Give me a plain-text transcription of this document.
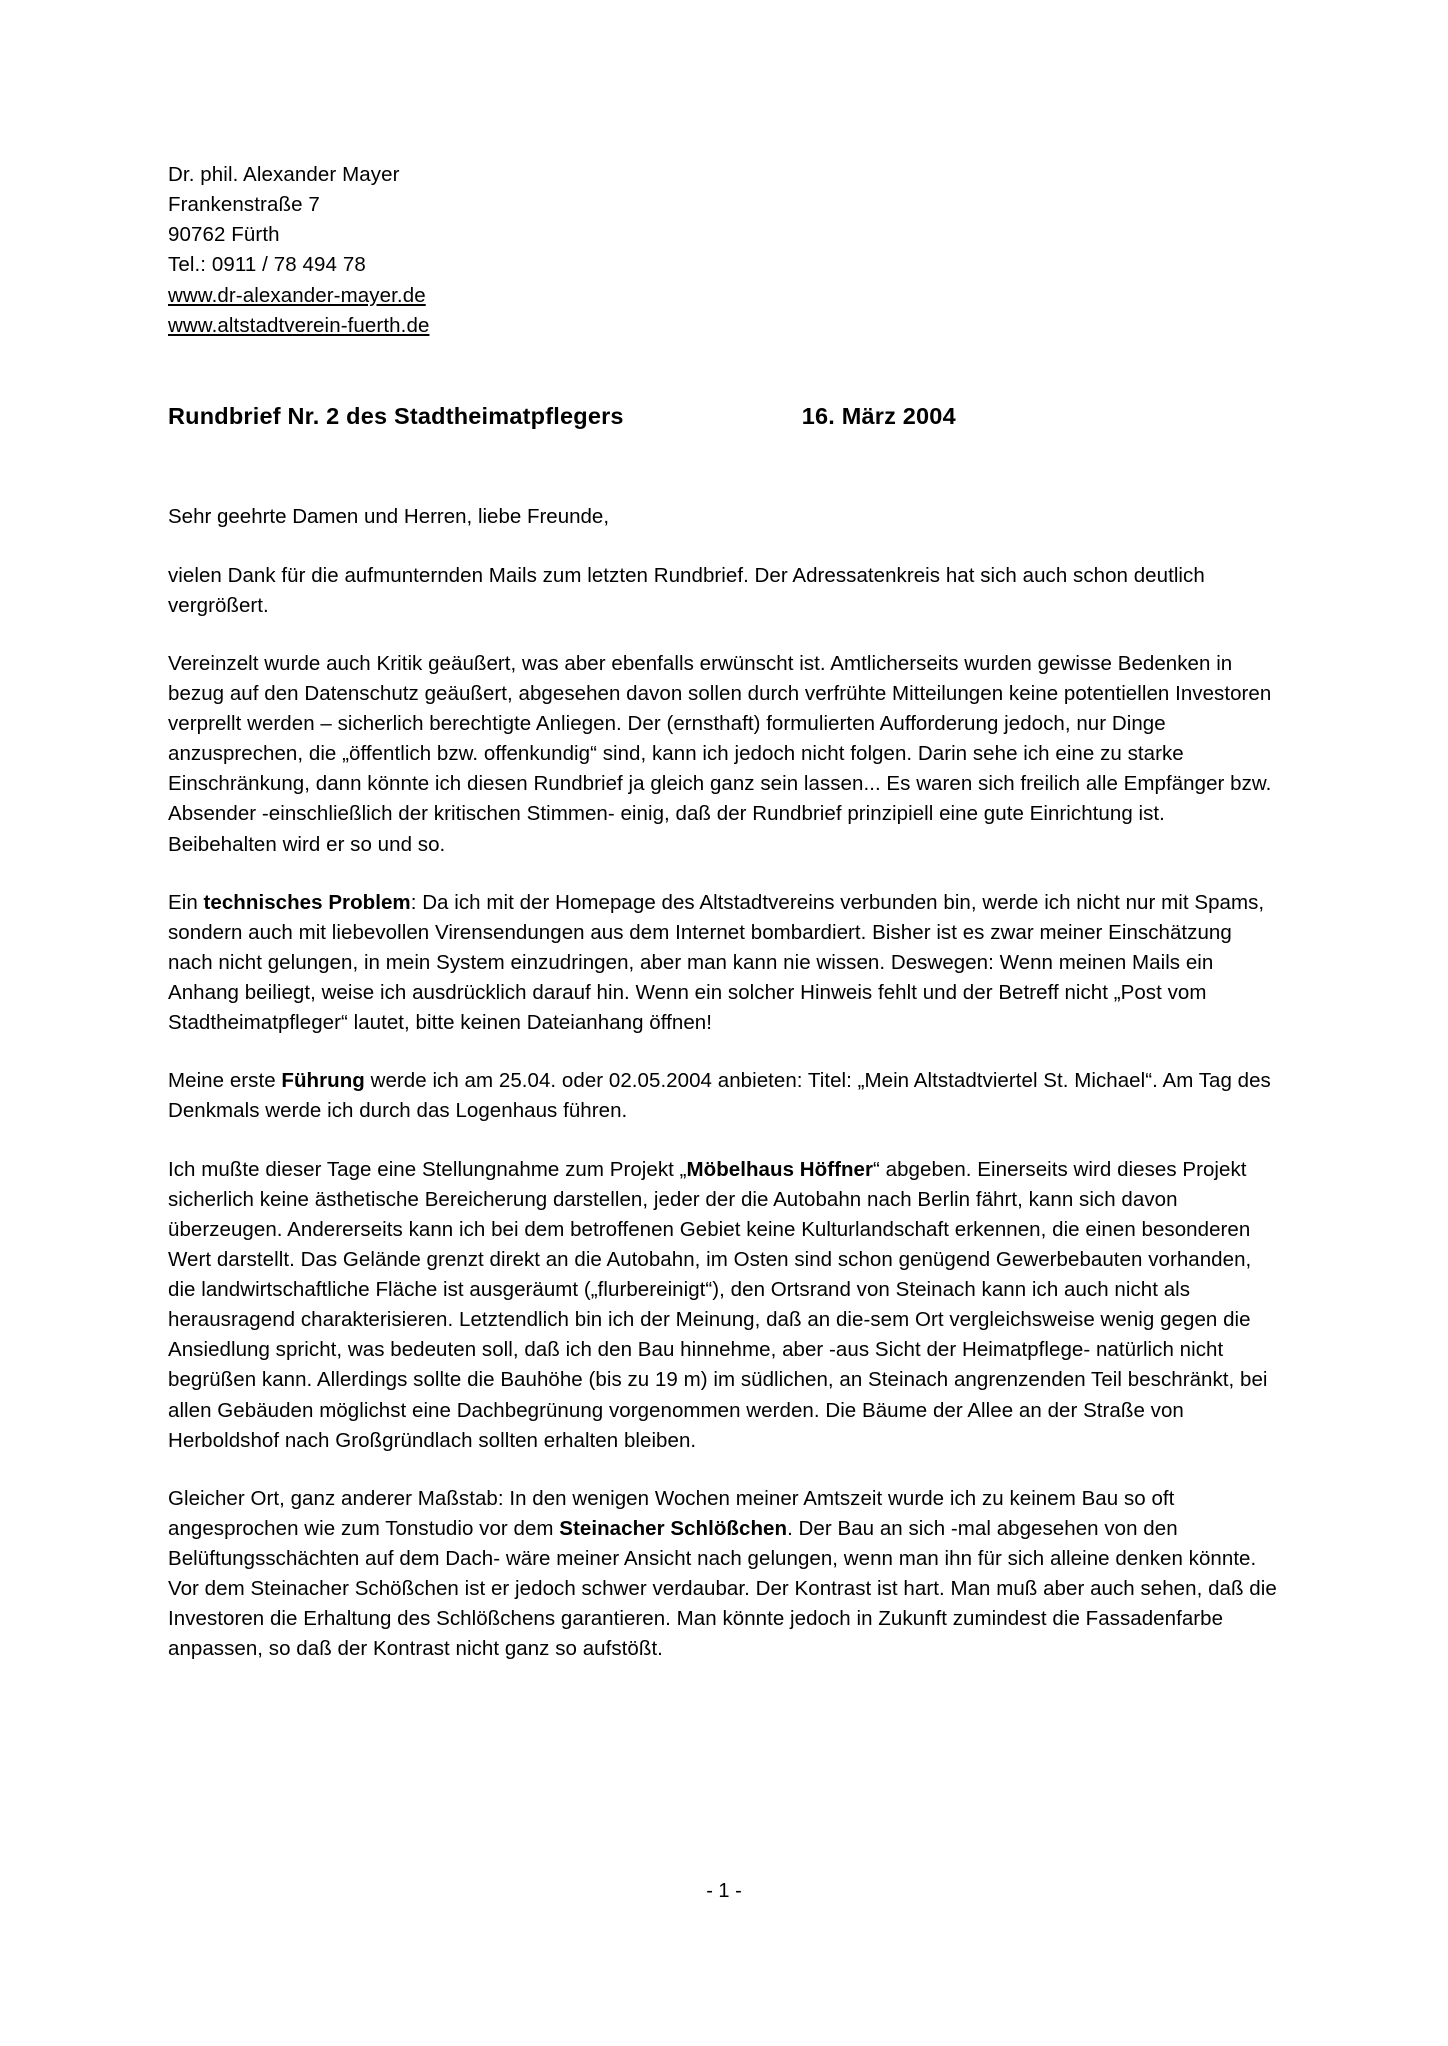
Dr. phil. Alexander Mayer
Frankenstraße 7
90762 Fürth
Tel.: 0911 / 78 494 78
www.dr-alexander-mayer.de
www.altstadtverein-fuerth.de
Rundbrief Nr. 2 des Stadtheimatpflegers	16. März 2004
Sehr geehrte Damen und Herren, liebe Freunde,

vielen Dank für die aufmunternden Mails zum letzten Rundbrief. Der Adressatenkreis hat sich auch schon deutlich vergrößert.

Vereinzelt wurde auch Kritik geäußert, was aber ebenfalls erwünscht ist. Amtlicherseits wurden gewisse Bedenken in bezug auf den Datenschutz geäußert, abgesehen davon sollen durch verfrühte Mitteilungen keine potentiellen Investoren verprellt werden – sicherlich berechtigte Anliegen. Der (ernsthaft) formulierten Aufforderung jedoch, nur Dinge anzusprechen, die „öffentlich bzw. offenkundig“ sind, kann ich jedoch nicht folgen. Darin sehe ich eine zu starke Einschränkung, dann könnte ich diesen Rundbrief ja gleich ganz sein lassen... Es waren sich freilich alle Empfänger bzw. Absender -einschließlich der kritischen Stimmen- einig, daß der Rundbrief prinzipiell eine gute Einrichtung ist. Beibehalten wird er so und so.

Ein technisches Problem: Da ich mit der Homepage des Altstadtvereins verbunden bin, werde ich nicht nur mit Spams, sondern auch mit liebevollen Virensendungen aus dem Internet bombardiert. Bisher ist es zwar meiner Einschätzung nach nicht gelungen, in mein System einzudringen, aber man kann nie wissen. Deswegen: Wenn meinen Mails ein Anhang beiliegt, weise ich ausdrücklich darauf hin. Wenn ein solcher Hinweis fehlt und der Betreff nicht „Post vom Stadtheimatpfleger“ lautet, bitte keinen Dateianhang öffnen!

Meine erste Führung werde ich am 25.04. oder 02.05.2004 anbieten: Titel: „Mein Altstadtviertel St. Michael“. Am Tag des Denkmals werde ich durch das Logenhaus führen.

Ich mußte dieser Tage eine Stellungnahme zum Projekt „Möbelhaus Höffner“ abgeben. Einerseits wird dieses Projekt sicherlich keine ästhetische Bereicherung darstellen, jeder der die Autobahn nach Berlin fährt, kann sich davon überzeugen. Andererseits kann ich bei dem betroffenen Gebiet keine Kulturlandschaft erkennen, die einen besonderen Wert darstellt. Das Gelände grenzt direkt an die Autobahn, im Osten sind schon genügend Gewerbebauten vorhanden, die landwirtschaftliche Fläche ist ausgeräumt („flurbereinigt“), den Ortsrand von Steinach kann ich auch nicht als herausragend charakterisieren. Letztendlich bin ich der Meinung, daß an die-sem Ort vergleichsweise wenig gegen die Ansiedlung spricht, was bedeuten soll, daß ich den Bau hinnehme, aber -aus Sicht der Heimatpflege- natürlich nicht begrüßen kann. Allerdings sollte die Bauhöhe (bis zu 19 m) im südlichen, an Steinach angrenzenden Teil beschränkt, bei allen Gebäuden möglichst eine Dachbegrünung vorgenommen werden. Die Bäume der Allee an der Straße von Herboldshof nach Großgründlach sollten erhalten bleiben.

Gleicher Ort, ganz anderer Maßstab: In den wenigen Wochen meiner Amtszeit wurde ich zu keinem Bau so oft angesprochen wie zum Tonstudio vor dem Steinacher Schlößchen. Der Bau an sich -mal abgesehen von den Belüftungsschächten auf dem Dach- wäre meiner Ansicht nach gelungen, wenn man ihn für sich alleine denken könnte. Vor dem Steinacher Schößchen ist er jedoch schwer verdaubar. Der Kontrast ist hart. Man muß aber auch sehen, daß die Investoren die Erhaltung des Schlößchens garantieren. Man könnte jedoch in Zukunft zumindest die Fassadenfarbe anpassen, so daß der Kontrast nicht ganz so aufstößt.

- 1 -
